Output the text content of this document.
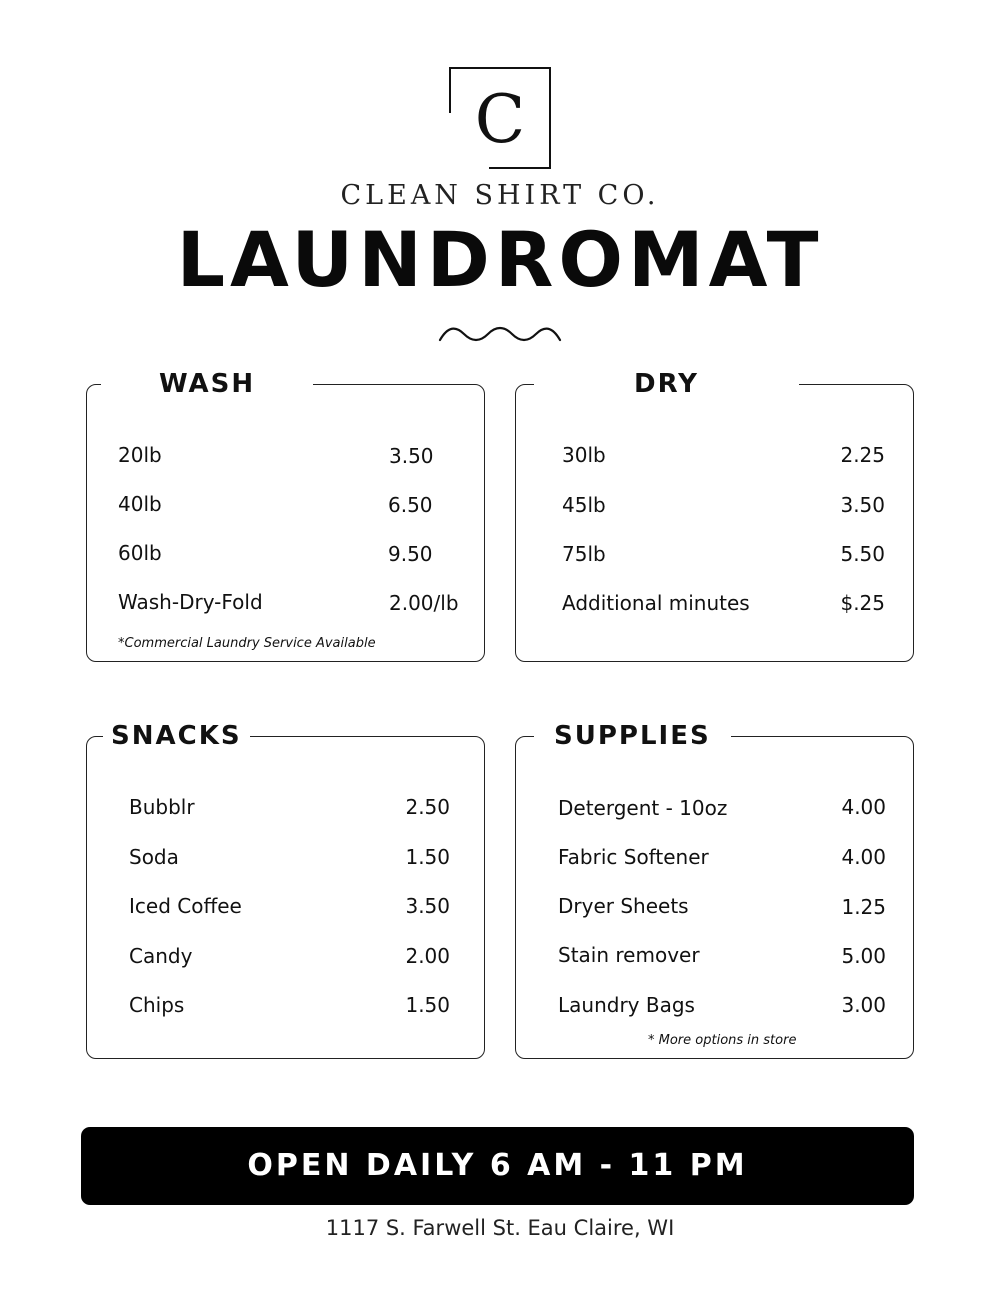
C
CLEAN SHIRT CO.
LAUNDROMAT
WASH
20lb	3.50
40lb	6.50
60lb	9.50
Wash-Dry-Fold	2.00/lb
*Commercial Laundry Service Available
DRY
30lb	2.25
45lb	3.50
75lb	5.50
Additional minutes	$.25
SNACKS
Bubblr	2.50
Soda	1.50
Iced Coffee	3.50
Candy	2.00
Chips	1.50
SUPPLIES
Detergent - 10oz	4.00
Fabric Softener	4.00
Dryer Sheets	1.25
Stain remover	5.00
Laundry Bags	3.00
* More options in store
OPEN DAILY 6 AM - 11 PM
1117 S. Farwell St. Eau Claire, WI
